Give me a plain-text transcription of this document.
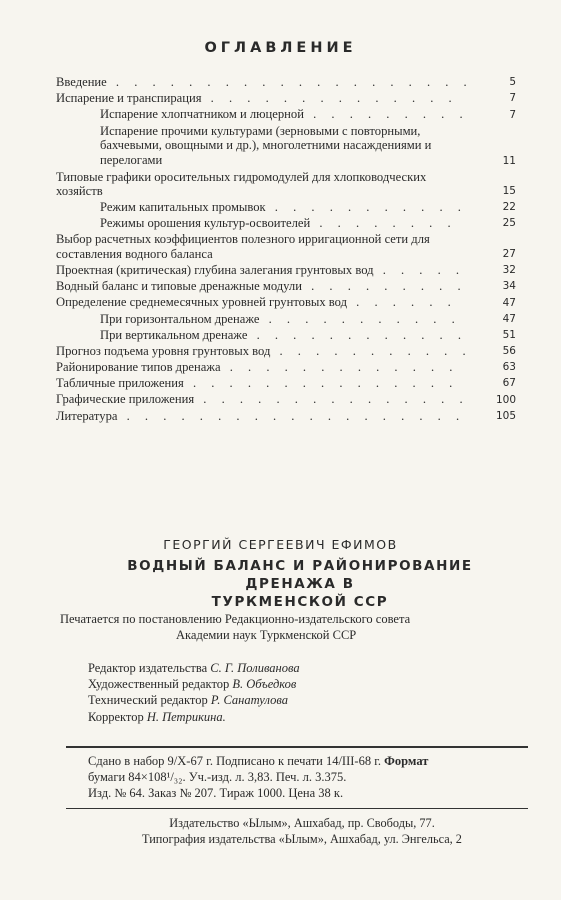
ОГЛАВЛЕНИЕ
Введение . .	5
Испарение и транспирация . .	7
Испарение хлопчатником и люцерной . .	7
Испарение прочими культурами (зерновыми с повторными, бахчевыми, овощными и др.), многолетними насаждениями и перелогами	11
Типовые графики оросительных гидромодулей для хлопководческих хозяйств	15
Режим капитальных промывок . .	22
Режимы орошения культур-освоителей . .	25
Выбор расчетных коэффициентов полезного ирригационной сети для составления водного баланса	27
Проектная (критическая) глубина залегания грунтовых вод . .	32
Водный баланс и типовые дренажные модули . .	34
Определение среднемесячных уровней грунтовых вод . .	47
При горизонтальном дренаже . .	47
При вертикальном дренаже . .	51
Прогноз подъема уровня грунтовых вод . .	56
Районирование типов дренажа . .	63
Табличные приложения . .	67
Графические приложения . .	100
Литература . .	105
ГЕОРГИЙ СЕРГЕЕВИЧ ЕФИМОВ
ВОДНЫЙ БАЛАНС И РАЙОНИРОВАНИЕ ДРЕНАЖА В
ТУРКМЕНСКОЙ ССР
Печатается по постановлению Редакционно-издательского совета
Академии наук Туркменской ССР
Редактор издательства С. Г. Поливанова
Художественный редактор В. Объедков
Технический редактор Р. Санатулова
Корректор Н. Петрикина.
Сдано в набор 9/X-67 г. Подписано к печати 14/III-68 г. Формат
бумаги 84×108¹/₃₂. Уч.-изд. л. 3,83. Печ. л. 3.375.
Изд. № 64. Заказ № 207. Тираж 1000. Цена 38 к.
Издательство «Ылым», Ашхабад, пр. Свободы, 77.
Типография издательства «Ылым», Ашхабад, ул. Энгельса, 2
